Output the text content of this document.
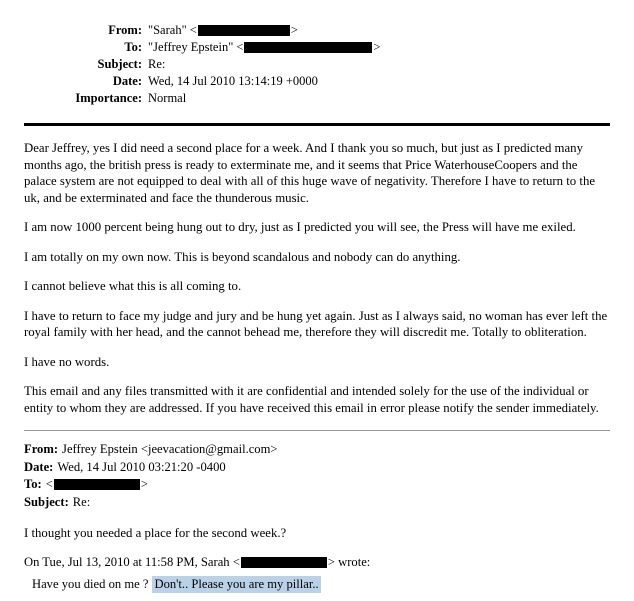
From: "Sarah" <	>
To: "Jeffrey Epstein" <	>
Subject: Re:
Date: Wed, 14 Jul 2010 13:14:19 +0000
Importance: Normal

Dear Jeffrey, yes I did need a second place for a week. And I thank you so much, but just as I predicted many months ago, the british press is ready to exterminate me, and it seems that Price WaterhouseCoopers and the palace system are not equipped to deal with all of this huge wave of negativity. Therefore I have to return to the uk, and be exterminated and face the thunderous music.

I am now 1000 percent being hung out to dry, just as I predicted you will see, the Press will have me exiled.

I am totally on my own now. This is beyond scandalous and nobody can do anything.

I cannot believe what this is all coming to.

I have to return to face my judge and jury and be hung yet again. Just as I always said, no woman has ever left the royal family with her head, and the cannot behead me, therefore they will discredit me. Totally to obliteration.

I have no words.

This email and any files transmitted with it are confidential and intended solely for the use of the individual or entity to whom they are addressed. If you have received this email in error please notify the sender immediately.

From: Jeffrey Epstein <jeevacation@gmail.com>
Date: Wed, 14 Jul 2010 03:21:20 -0400
To: <	>
Subject: Re:

I thought you needed a place for the second week.?

On Tue, Jul 13, 2010 at 11:58 PM, Sarah <	> wrote:
Have you died on me ? Don't.. Please you are my pillar..
